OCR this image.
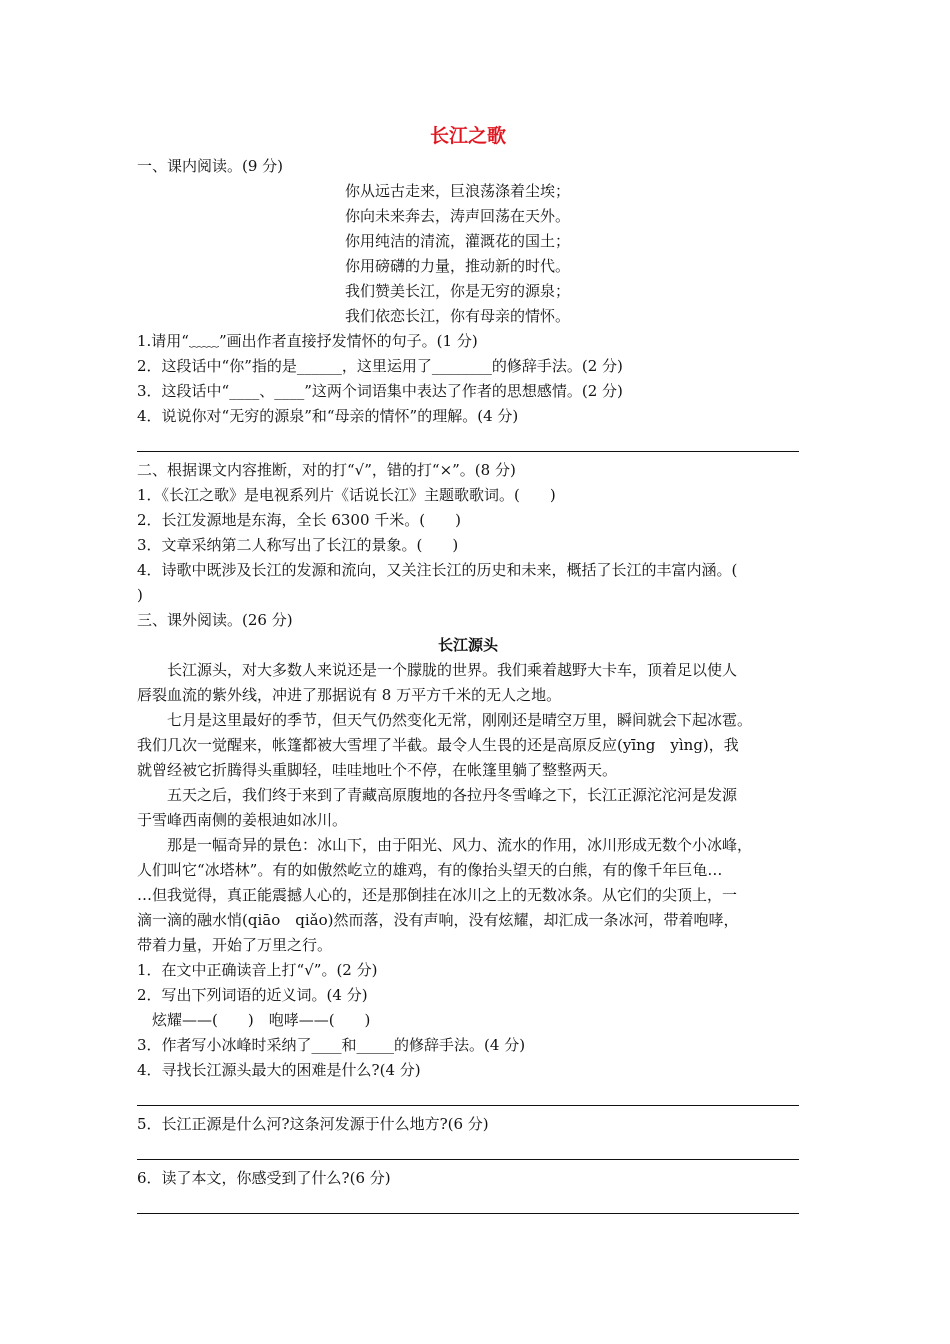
长江之歌
一、课内阅读。(9 分)
你从远古走来，巨浪荡涤着尘埃；
你向未来奔去，涛声回荡在天外。
你用纯洁的清流，灌溉花的国土；
你用磅礴的力量，推动新的时代。
我们赞美长江，你是无穷的源泉；
我们依恋长江，你有母亲的情怀。
1.请用“﹏﹏”画出作者直接抒发情怀的句子。(1 分)
2．这段话中“你”指的是______，这里运用了________的修辞手法。(2 分)
3．这段话中“____、____”这两个词语集中表达了作者的思想感情。(2 分)
4．说说你对“无穷的源泉”和“母亲的情怀”的理解。(4 分)
二、根据课文内容推断，对的打“√”，错的打“×”。(8 分)
1．《长江之歌》是电视系列片《话说长江》主题歌歌词。(　　)
2．长江发源地是东海，全长 6300 千米。(　　)
3．文章采纳第二人称写出了长江的景象。(　　)
4．诗歌中既涉及长江的发源和流向，又关注长江的历史和未来，概括了长江的丰富内涵。(
)
三、课外阅读。(26 分)
长江源头
长江源头，对大多数人来说还是一个朦胧的世界。我们乘着越野大卡车，顶着足以使人
唇裂血流的紫外线，冲进了那据说有 8 万平方千米的无人之地。
七月是这里最好的季节，但天气仍然变化无常，刚刚还是晴空万里，瞬间就会下起冰雹。
我们几次一觉醒来，帐篷都被大雪埋了半截。最令人生畏的还是高原反应(yīng　yìng)，我
就曾经被它折腾得头重脚轻，哇哇地吐个不停，在帐篷里躺了整整两天。
五天之后，我们终于来到了青藏高原腹地的各拉丹冬雪峰之下，长江正源沱沱河是发源
于雪峰西南侧的姜根迪如冰川。
那是一幅奇异的景色：冰山下，由于阳光、风力、流水的作用，冰川形成无数个小冰峰，
人们叫它“冰塔林”。有的如傲然屹立的雄鸡，有的像抬头望天的白熊，有的像千年巨龟…
…但我觉得，真正能震撼人心的，还是那倒挂在冰川之上的无数冰条。从它们的尖顶上，一
滴一滴的融水悄(qiāo　qiǎo)然而落，没有声响，没有炫耀，却汇成一条冰河，带着咆哮，
带着力量，开始了万里之行。
1．在文中正确读音上打“√”。(2 分)
2．写出下列词语的近义词。(4 分)
　炫耀——(　　)　咆哮——(　　)
3．作者写小冰峰时采纳了____和_____的修辞手法。(4 分)
4．寻找长江源头最大的困难是什么?(4 分)
5．长江正源是什么河?这条河发源于什么地方?(6 分)
6．读了本文，你感受到了什么?(6 分)
